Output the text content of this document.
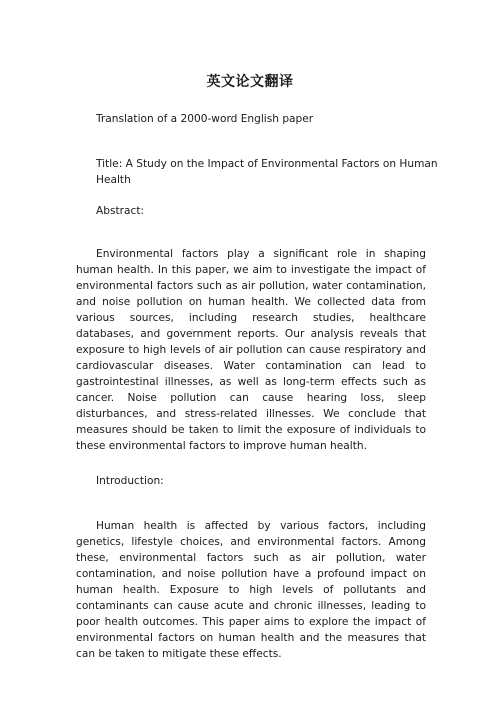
英文论文翻译

Translation of a 2000-word English paper

Title: A Study on the Impact of Environmental Factors on Human Health

Abstract:

Environmental factors play a significant role in shaping human health. In this paper, we aim to investigate the impact of environmental factors such as air pollution, water contamination, and noise pollution on human health. We collected data from various sources, including research studies, healthcare databases, and government reports. Our analysis reveals that exposure to high levels of air pollution can cause respiratory and cardiovascular diseases. Water contamination can lead to gastrointestinal illnesses, as well as long-term effects such as cancer. Noise pollution can cause hearing loss, sleep disturbances, and stress-related illnesses. We conclude that measures should be taken to limit the exposure of individuals to these environmental factors to improve human health.

Introduction:

Human health is affected by various factors, including genetics, lifestyle choices, and environmental factors. Among these, environmental factors such as air pollution, water contamination, and noise pollution have a profound impact on human health. Exposure to high levels of pollutants and contaminants can cause acute and chronic illnesses, leading to poor health outcomes. This paper aims to explore the impact of environmental factors on human health and the measures that can be taken to mitigate these effects.
